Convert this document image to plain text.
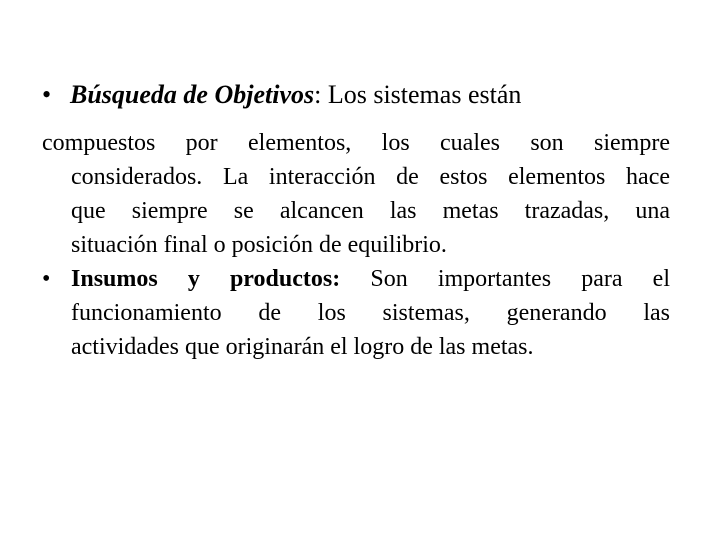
• Búsqueda de Objetivos: Los sistemas están
compuestos por elementos, los cuales son siempre
considerados. La interacción de estos elementos hace
que siempre se alcancen las metas trazadas, una
situación final o posición de equilibrio.
• Insumos y productos: Son importantes para el
funcionamiento de los sistemas, generando las
actividades que originarán el logro de las metas.
